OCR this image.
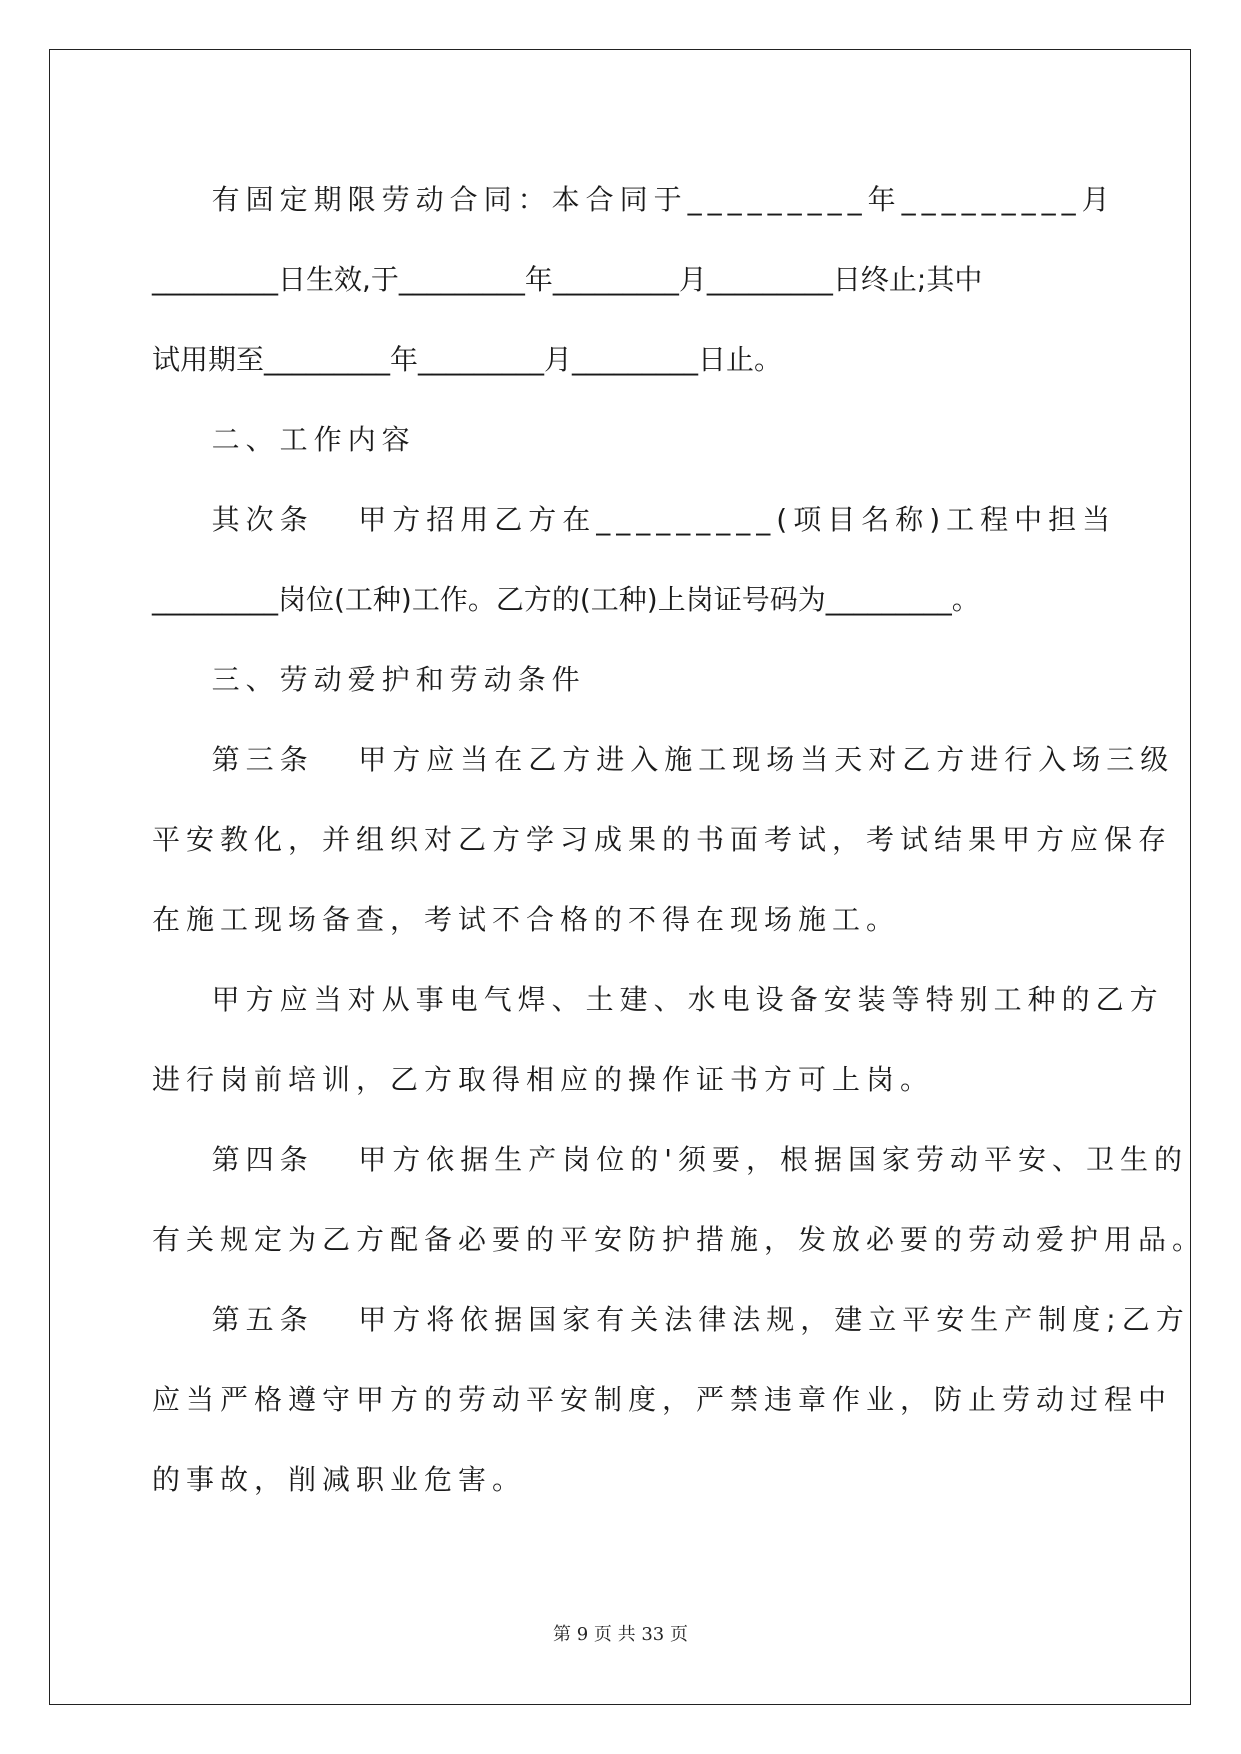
有固定期限劳动合同：本合同于_________年_________月
_________日生效,于_________年_________月_________日终止;其中
试用期至_________年_________月_________日止。
二、工作内容
其次条   甲方招用乙方在_________(项目名称)工程中担当
_________岗位(工种)工作。乙方的(工种)上岗证号码为_________。
三、劳动爱护和劳动条件
第三条   甲方应当在乙方进入施工现场当天对乙方进行入场三级
平安教化，并组织对乙方学习成果的书面考试，考试结果甲方应保存
在施工现场备查，考试不合格的不得在现场施工。
甲方应当对从事电气焊、土建、水电设备安装等特别工种的乙方
进行岗前培训，乙方取得相应的操作证书方可上岗。
第四条   甲方依据生产岗位的'须要，根据国家劳动平安、卫生的
有关规定为乙方配备必要的平安防护措施，发放必要的劳动爱护用品。
第五条   甲方将依据国家有关法律法规，建立平安生产制度;乙方
应当严格遵守甲方的劳动平安制度，严禁违章作业，防止劳动过程中
的事故，削减职业危害。
第 9 页 共 33 页
